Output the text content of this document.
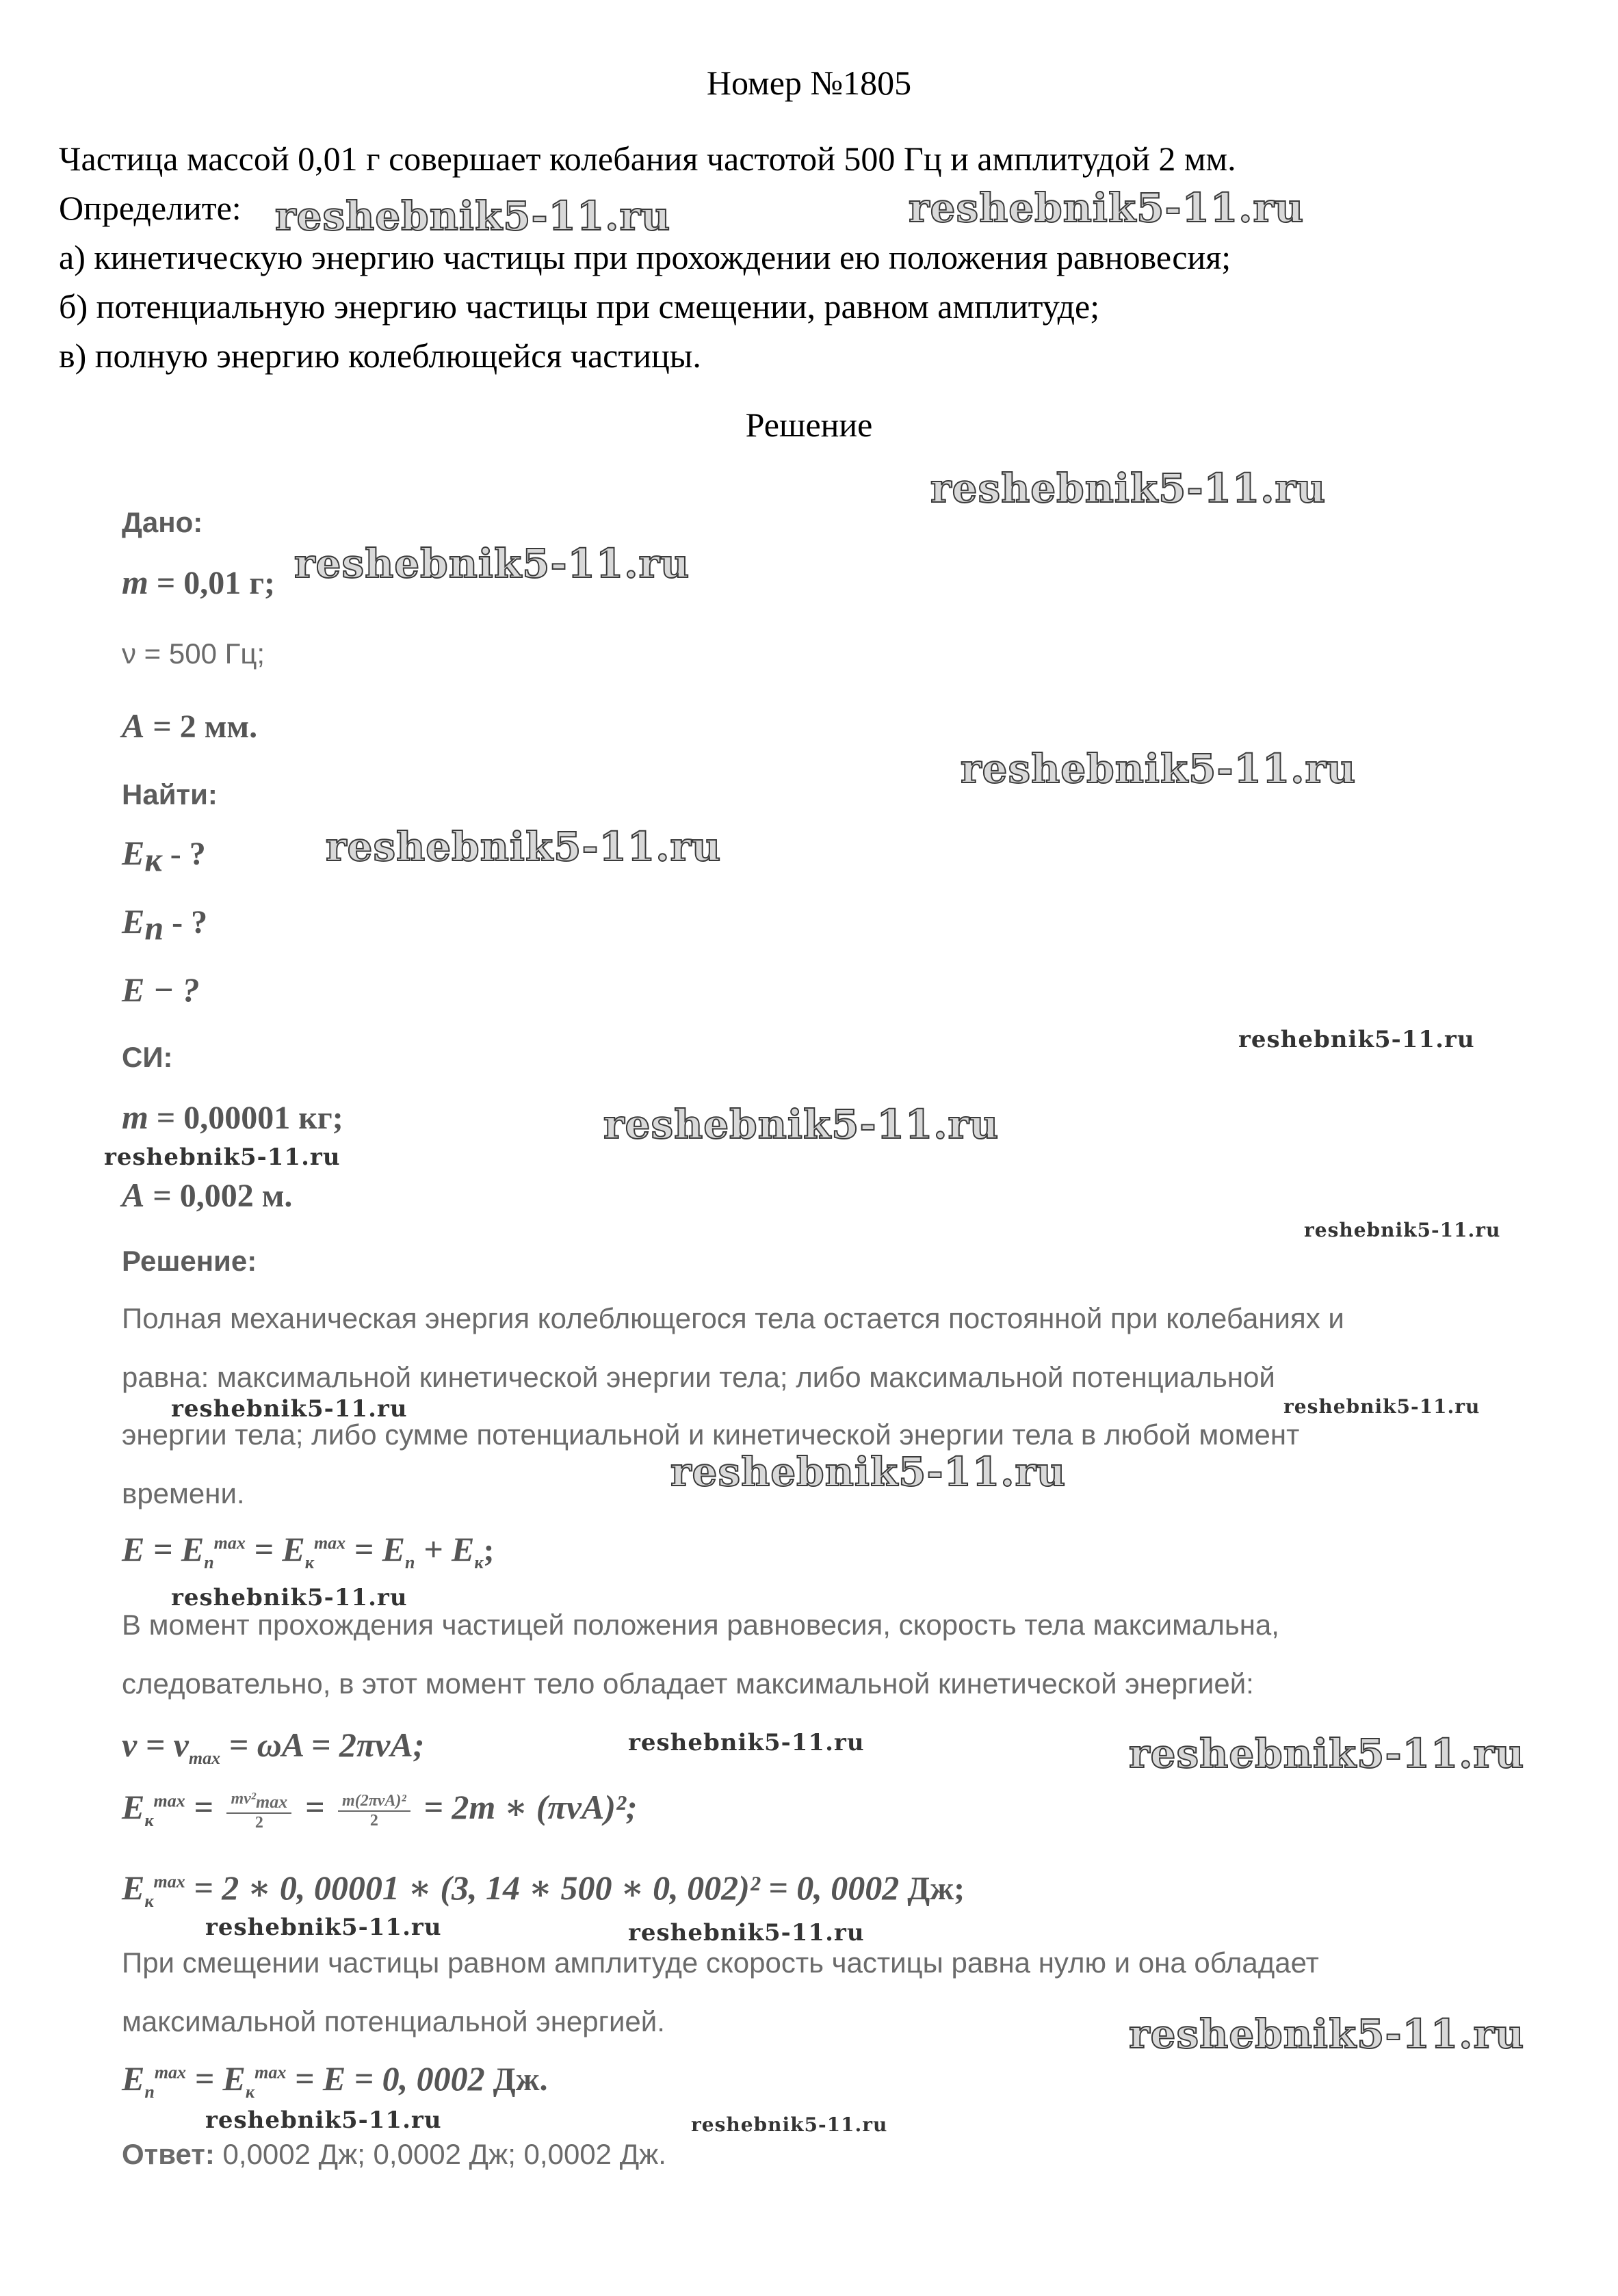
Номер №1805
Частица массой 0,01 г совершает колебания частотой 500 Гц и амплитудой 2 мм.
Определите:
а) кинетическую энергию частицы при прохождении ею положения равновесия;
б) потенциальную энергию частицы при смещении, равном амплитуде;
в) полную энергию колеблющейся частицы.
Решение
Дано:
m = 0,01 г;
ν = 500 Гц;
A = 2 мм.
Найти:
$E_к$ - ?
$E_п$ - ?
E − ?
СИ:
m = 0,00001 кг;
A = 0,002 м.
Решение:
Полная механическая энергия колеблющегося тела остается постоянной при колебаниях и
равна: максимальной кинетической энергии тела; либо максимальной потенциальной
энергии тела; либо сумме потенциальной и кинетической энергии тела в любой момент
времени.
$E = E_п^{max} = E_к^{max} = E_п + E_к$;
В момент прохождения частицей положения равновесия, скорость тела максимальна,
следовательно, в этот момент тело обладает максимальной кинетической энергией:
$v = v_{max} = \omega A = 2\pi\nu A$;
$E_к^{max} = \frac{mv^2_{max}}{2} = \frac{\text{m(2πνA)²}}{2} = 2m$ ∗ (πνA)²;
$E_к^{max} = 2$ ∗ 0, 00001 ∗ (3, 14 ∗ 500 ∗ 0, 002)² = 0, 0002 Дж;
При смещении частицы равном амплитуде скорость частицы равна нулю и она обладает
максимальной потенциальной энергией.
$E_п^{max} = E_к^{max} = E = 0$, 0002 Дж.
Ответ: 0,0002 Дж; 0,0002 Дж; 0,0002 Дж.
reshebnik5-11.ru	reshebnik5-11.ru
reshebnik5-11.ru
reshebnik5-11.ru
reshebnik5-11.ru
reshebnik5-11.ru
reshebnik5-11.ru
reshebnik5-11.ru
reshebnik5-11.ru
reshebnik5-11.ru
reshebnik5-11.ru
reshebnik5-11.ru
reshebnik5-11.ru
reshebnik5-11.ru
reshebnik5-11.ru	reshebnik5-11.ru
reshebnik5-11.ru	reshebnik5-11.ru
reshebnik5-11.ru
reshebnik5-11.ru	reshebnik5-11.ru
